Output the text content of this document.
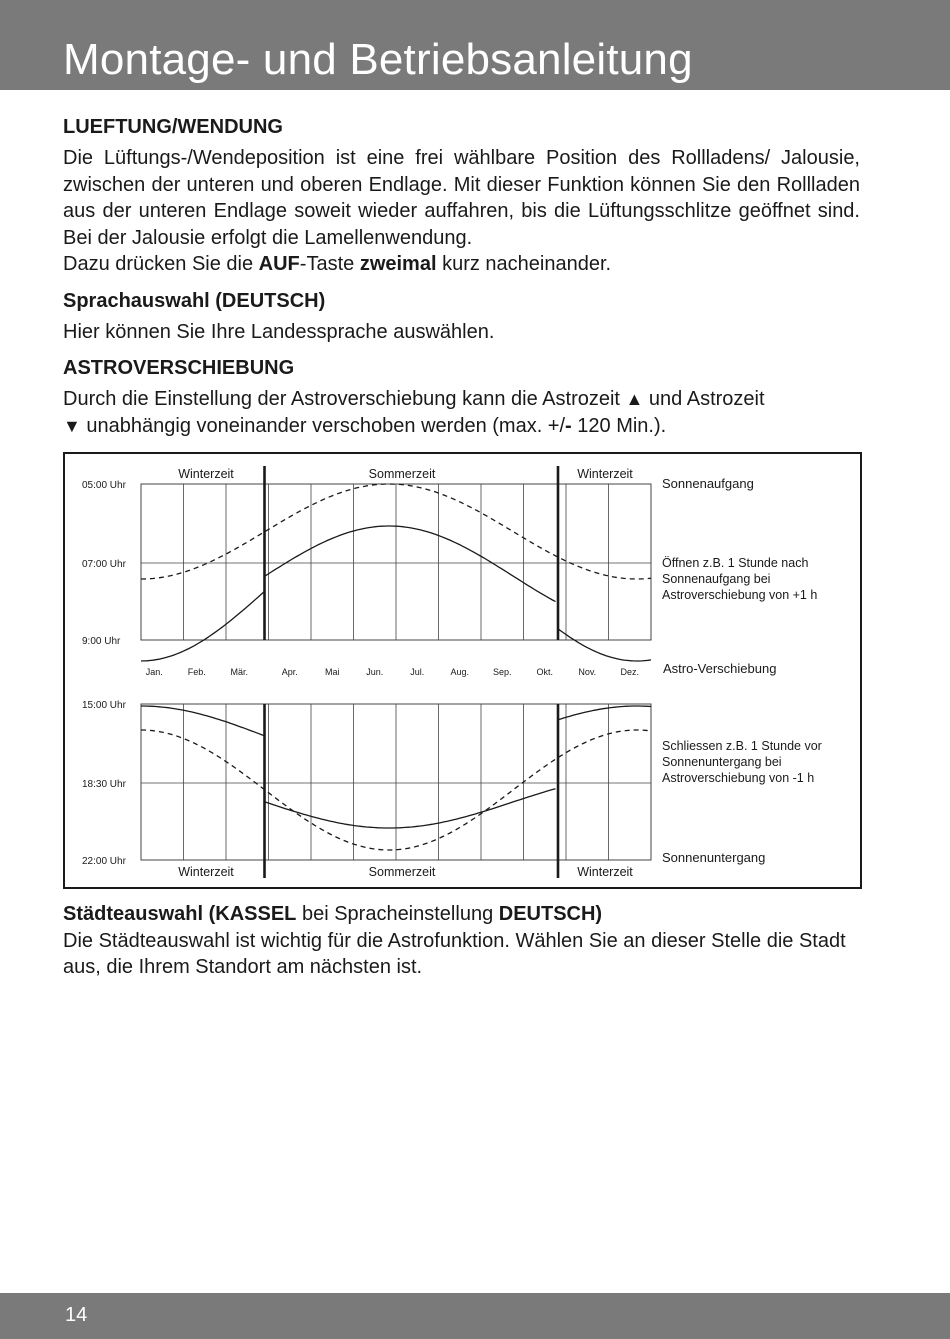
Montage- und Betriebsanleitung
LUEFTUNG/WENDUNG
Die Lüftungs-/Wendeposition ist eine frei wählbare Position des Rollladens/ Jalousie, zwischen der unteren und oberen Endlage. Mit dieser Funktion können Sie den Rollladen aus der unteren Endlage soweit wieder auffahren, bis die Lüftungsschlitze geöffnet sind. Bei der Jalousie erfolgt die Lamellenwendung.
Dazu drücken Sie die AUF-Taste zweimal kurz nacheinander.
Sprachauswahl (DEUTSCH)
Hier können Sie Ihre Landessprache auswählen.
ASTROVERSCHIEBUNG
Durch die Einstellung der Astroverschiebung kann die Astrozeit ▲ und Astrozeit
▼ unabhängig voneinander verschoben werden (max. +/- 120 Min.).
05:00 Uhr
07:00 Uhr
9:00 Uhr
15:00 Uhr
18:30 Uhr
22:00 Uhr
Winterzeit	Sommerzeit	Winterzeit
Winterzeit	Sommerzeit	Winterzeit
Jan.	Feb.	Mär.	Apr.	Mai	Jun.	Jul.	Aug.	Sep.	Okt.	Nov.	Dez.
Sonnenaufgang
Öffnen z.B. 1 Stunde nach
Sonnenaufgang bei
Astroverschiebung von +1 h
Astro-Verschiebung
Schliessen z.B. 1 Stunde vor
Sonnenuntergang bei
Astroverschiebung von -1 h
Sonnenuntergang
Städteauswahl (KASSEL bei Spracheinstellung DEUTSCH)
Die Städteauswahl ist wichtig für die Astrofunktion. Wählen Sie an dieser Stelle die Stadt aus, die Ihrem Standort am nächsten ist.
14
